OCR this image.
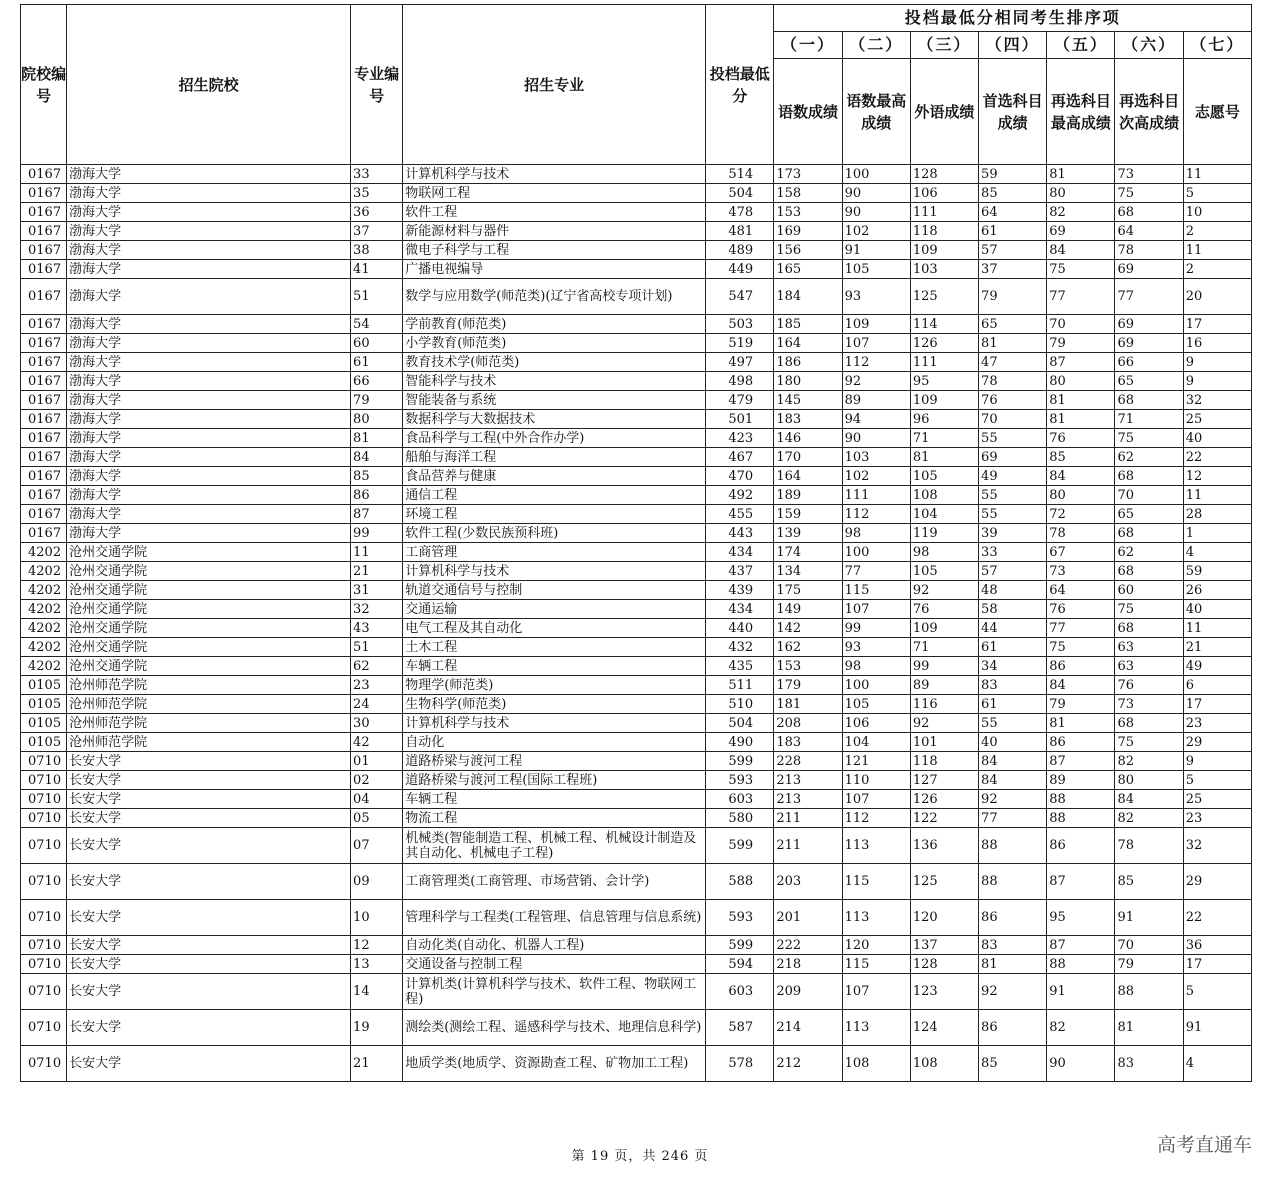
院校编号	招生院校	专业编号	招生专业	投档最低分	投档最低分相同考生排序项						
					（一）	（二）	（三）	（四）	（五）	（六）	（七）
					语数成绩	语数最高成绩	外语成绩	首选科目成绩	再选科目最高成绩	再选科目次高成绩	志愿号
0167	渤海大学	33	计算机科学与技术	514	173	100	128	59	81	73	11
0167	渤海大学	35	物联网工程	504	158	90	106	85	80	75	5
0167	渤海大学	36	软件工程	478	153	90	111	64	82	68	10
0167	渤海大学	37	新能源材料与器件	481	169	102	118	61	69	64	2
0167	渤海大学	38	微电子科学与工程	489	156	91	109	57	84	78	11
0167	渤海大学	41	广播电视编导	449	165	105	103	37	75	69	2
0167	渤海大学	51	数学与应用数学(师范类)(辽宁省高校专项计划)	547	184	93	125	79	77	77	20
0167	渤海大学	54	学前教育(师范类)	503	185	109	114	65	70	69	17
0167	渤海大学	60	小学教育(师范类)	519	164	107	126	81	79	69	16
0167	渤海大学	61	教育技术学(师范类)	497	186	112	111	47	87	66	9
0167	渤海大学	66	智能科学与技术	498	180	92	95	78	80	65	9
0167	渤海大学	79	智能装备与系统	479	145	89	109	76	81	68	32
0167	渤海大学	80	数据科学与大数据技术	501	183	94	96	70	81	71	25
0167	渤海大学	81	食品科学与工程(中外合作办学)	423	146	90	71	55	76	75	40
0167	渤海大学	84	船舶与海洋工程	467	170	103	81	69	85	62	22
0167	渤海大学	85	食品营养与健康	470	164	102	105	49	84	68	12
0167	渤海大学	86	通信工程	492	189	111	108	55	80	70	11
0167	渤海大学	87	环境工程	455	159	112	104	55	72	65	28
0167	渤海大学	99	软件工程(少数民族预科班)	443	139	98	119	39	78	68	1
4202	沧州交通学院	11	工商管理	434	174	100	98	33	67	62	4
4202	沧州交通学院	21	计算机科学与技术	437	134	77	105	57	73	68	59
4202	沧州交通学院	31	轨道交通信号与控制	439	175	115	92	48	64	60	26
4202	沧州交通学院	32	交通运输	434	149	107	76	58	76	75	40
4202	沧州交通学院	43	电气工程及其自动化	440	142	99	109	44	77	68	11
4202	沧州交通学院	51	土木工程	432	162	93	71	61	75	63	21
4202	沧州交通学院	62	车辆工程	435	153	98	99	34	86	63	49
0105	沧州师范学院	23	物理学(师范类)	511	179	100	89	83	84	76	6
0105	沧州师范学院	24	生物科学(师范类)	510	181	105	116	61	79	73	17
0105	沧州师范学院	30	计算机科学与技术	504	208	106	92	55	81	68	23
0105	沧州师范学院	42	自动化	490	183	104	101	40	86	75	29
0710	长安大学	01	道路桥梁与渡河工程	599	228	121	118	84	87	82	9
0710	长安大学	02	道路桥梁与渡河工程(国际工程班)	593	213	110	127	84	89	80	5
0710	长安大学	04	车辆工程	603	213	107	126	92	88	84	25
0710	长安大学	05	物流工程	580	211	112	122	77	88	82	23
0710	长安大学	07	机械类(智能制造工程、机械工程、机械设计制造及其自动化、机械电子工程)	599	211	113	136	88	86	78	32
0710	长安大学	09	工商管理类(工商管理、市场营销、会计学)	588	203	115	125	88	87	85	29
0710	长安大学	10	管理科学与工程类(工程管理、信息管理与信息系统)	593	201	113	120	86	95	91	22
0710	长安大学	12	自动化类(自动化、机器人工程)	599	222	120	137	83	87	70	36
0710	长安大学	13	交通设备与控制工程	594	218	115	128	81	88	79	17
0710	长安大学	14	计算机类(计算机科学与技术、软件工程、物联网工程)	603	209	107	123	92	91	88	5
0710	长安大学	19	测绘类(测绘工程、遥感科学与技术、地理信息科学)	587	214	113	124	86	82	81	91
0710	长安大学	21	地质学类(地质学、资源勘查工程、矿物加工工程)	578	212	108	108	85	90	83	4
第 19 页，共 246 页
高考直通车
